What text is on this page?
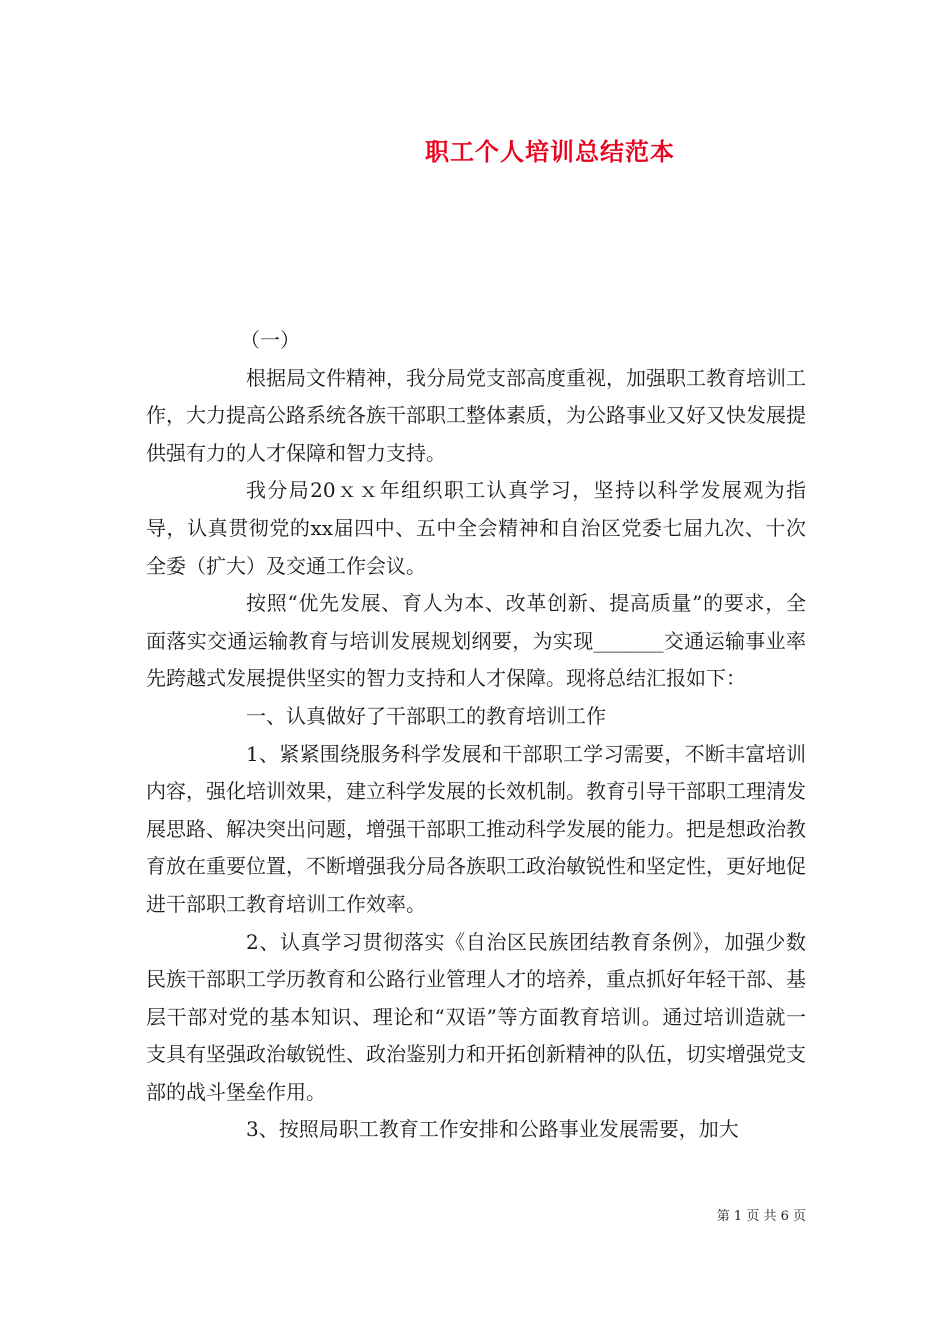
职工个人培训总结范本

（一）

根据局文件精神，我分局党支部高度重视，加强职工教育培训工作，大力提高公路系统各族干部职工整体素质，为公路事业又好又快发展提供强有力的人才保障和智力支持。

我分局20ｘｘ年组织职工认真学习，坚持以科学发展观为指导，认真贯彻党的xx届四中、五中全会精神和自治区党委七届九次、十次全委（扩大）及交通工作会议。

按照“优先发展、育人为本、改革创新、提高质量”的要求，全面落实交通运输教育与培训发展规划纲要，为实现_______交通运输事业率先跨越式发展提供坚实的智力支持和人才保障。现将总结汇报如下：

一、认真做好了干部职工的教育培训工作

1、紧紧围绕服务科学发展和干部职工学习需要，不断丰富培训内容，强化培训效果，建立科学发展的长效机制。教育引导干部职工理清发展思路、解决突出问题，增强干部职工推动科学发展的能力。把是想政治教育放在重要位置，不断增强我分局各族职工政治敏锐性和坚定性，更好地促进干部职工教育培训工作效率。

2、认真学习贯彻落实《自治区民族团结教育条例》，加强少数民族干部职工学历教育和公路行业管理人才的培养，重点抓好年轻干部、基层干部对党的基本知识、理论和“双语”等方面教育培训。通过培训造就一支具有坚强政治敏锐性、政治鉴别力和开拓创新精神的队伍，切实增强党支部的战斗堡垒作用。

3、按照局职工教育工作安排和公路事业发展需要，加大

第 1 页 共 6 页
